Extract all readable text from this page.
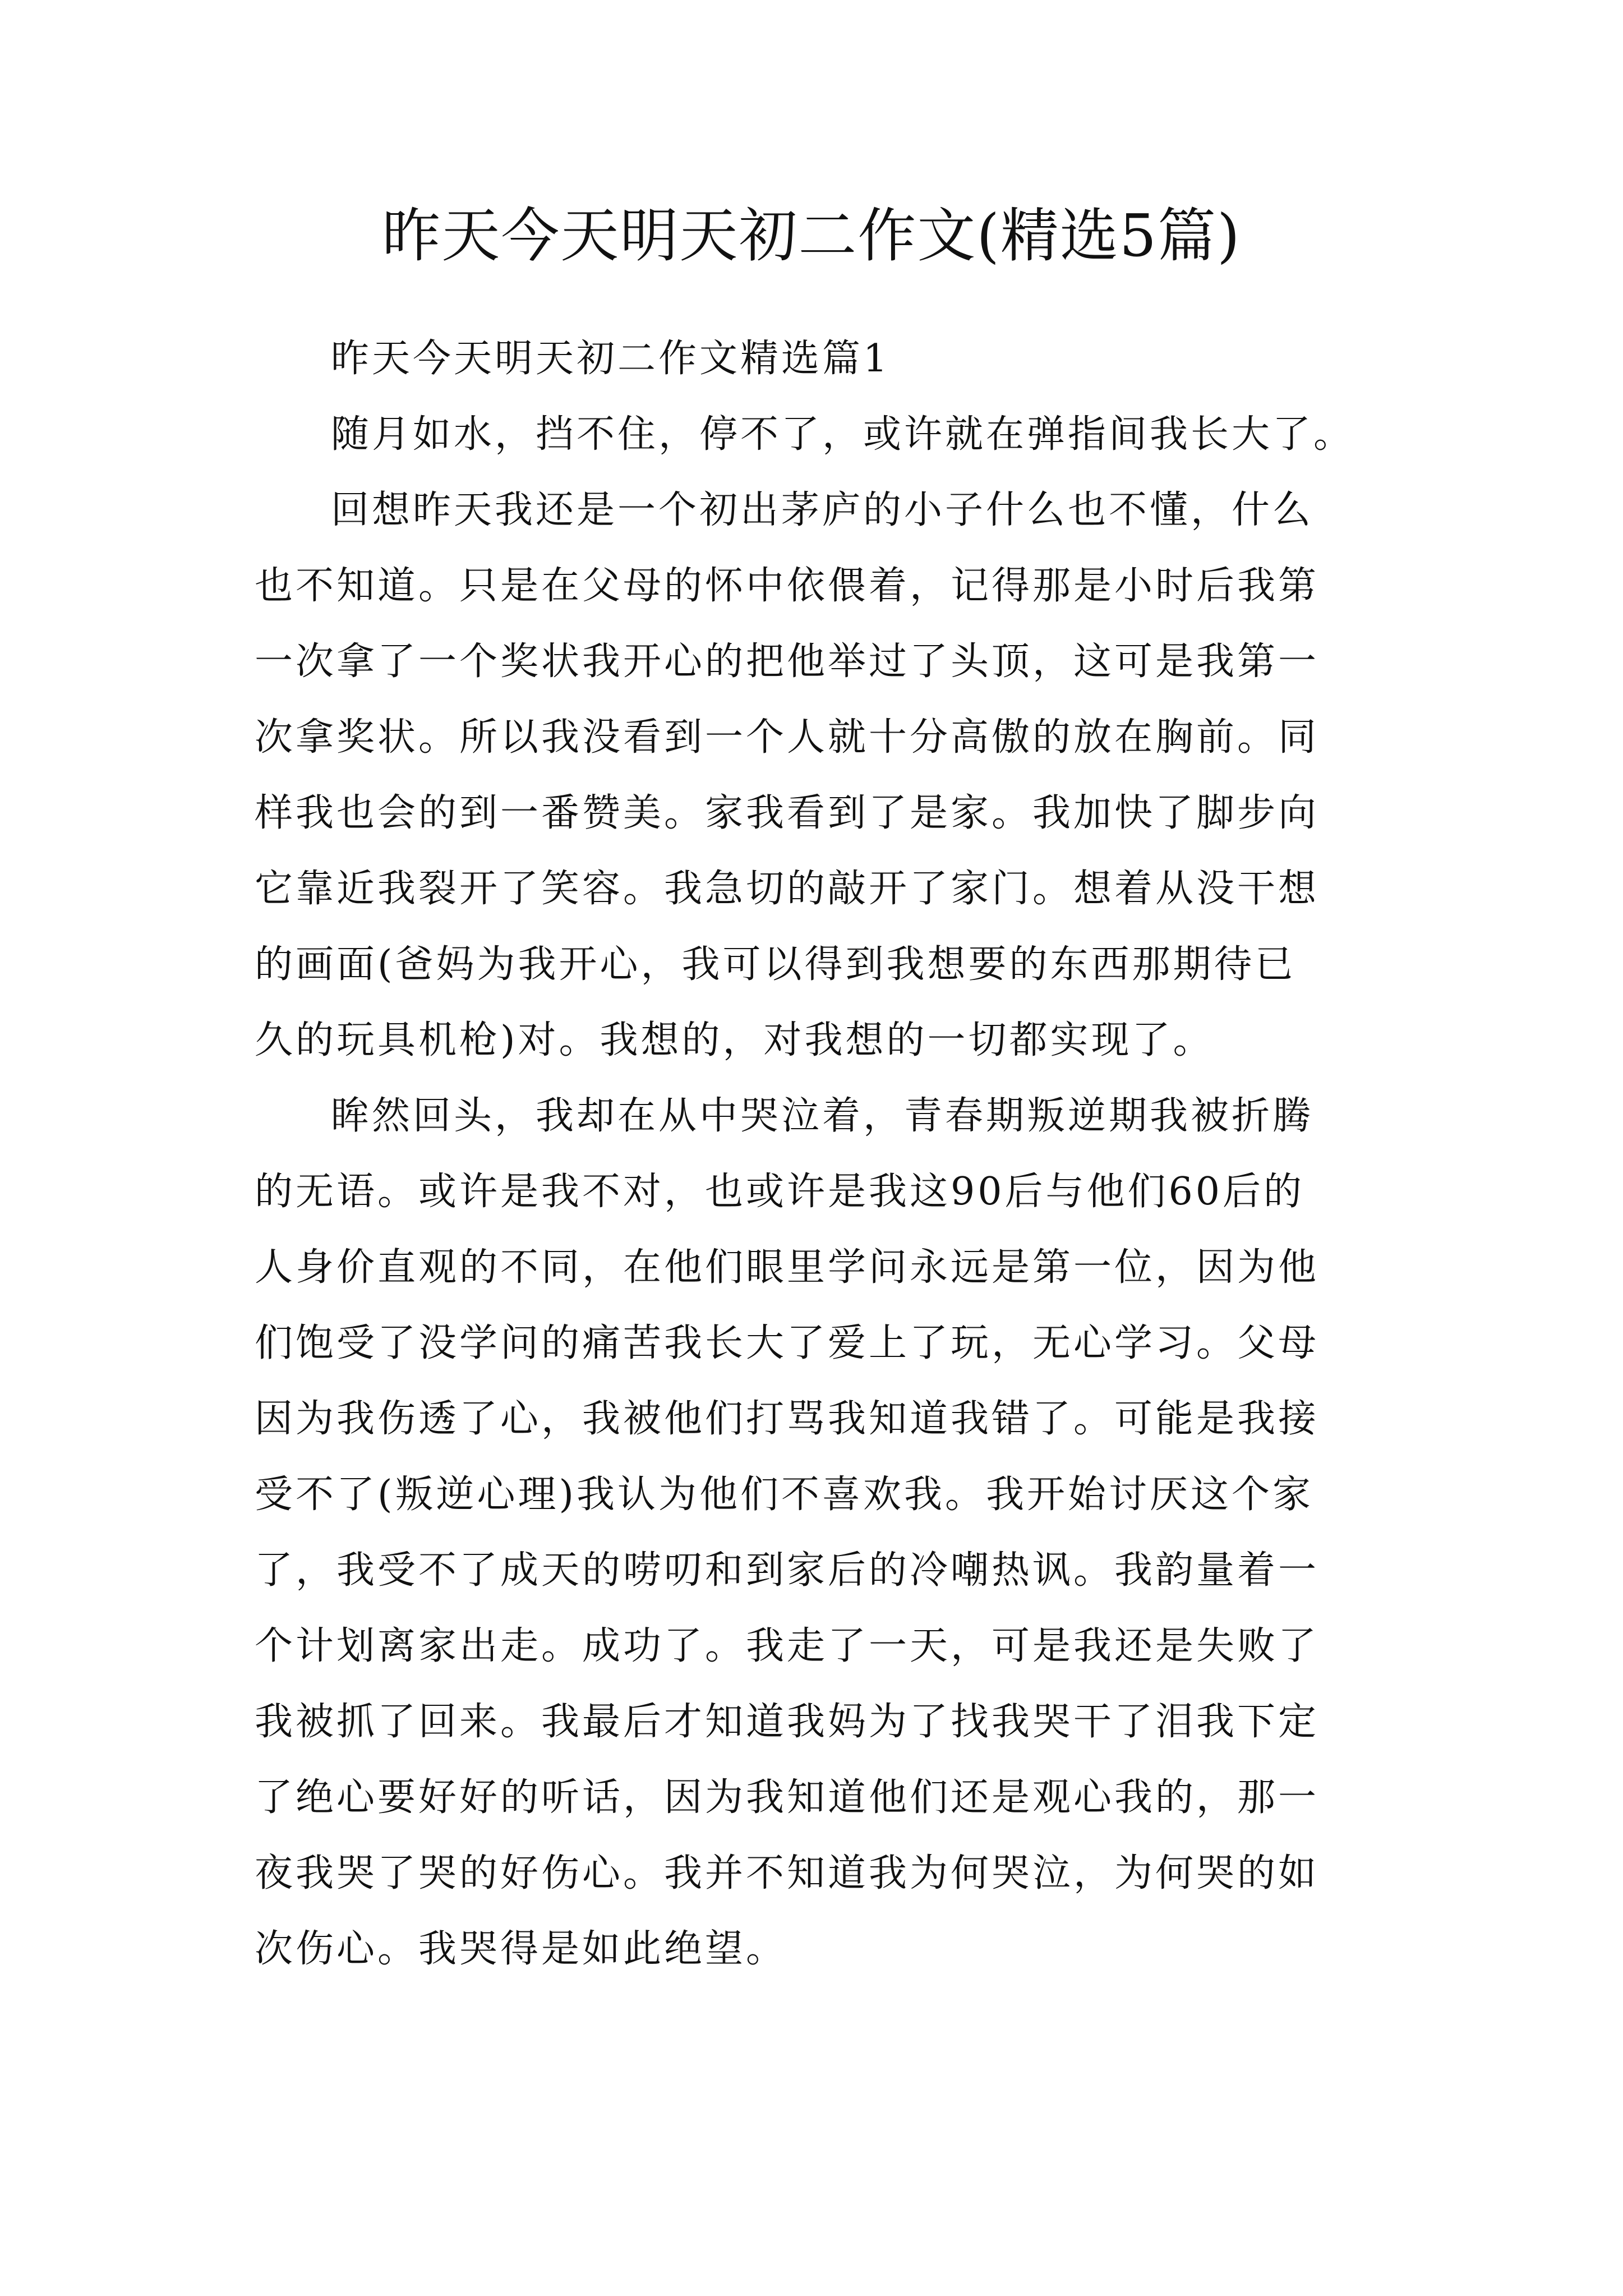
昨天今天明天初二作文(精选5篇)
昨天今天明天初二作文精选篇1
随月如水，挡不住，停不了，或许就在弹指间我长大了。
回想昨天我还是一个初出茅庐的小子什么也不懂，什么
也不知道。只是在父母的怀中依偎着，记得那是小时后我第
一次拿了一个奖状我开心的把他举过了头顶，这可是我第一
次拿奖状。所以我没看到一个人就十分高傲的放在胸前。同
样我也会的到一番赞美。家我看到了是家。我加快了脚步向
它靠近我裂开了笑容。我急切的敲开了家门。想着从没干想
的画面(爸妈为我开心，我可以得到我想要的东西那期待已
久的玩具机枪)对。我想的，对我想的一切都实现了。
眸然回头，我却在从中哭泣着，青春期叛逆期我被折腾
的无语。或许是我不对，也或许是我这90后与他们60后的
人身价直观的不同，在他们眼里学问永远是第一位，因为他
们饱受了没学问的痛苦我长大了爱上了玩，无心学习。父母
因为我伤透了心，我被他们打骂我知道我错了。可能是我接
受不了(叛逆心理)我认为他们不喜欢我。我开始讨厌这个家
了，我受不了成天的唠叨和到家后的冷嘲热讽。我韵量着一
个计划离家出走。成功了。我走了一天，可是我还是失败了
我被抓了回来。我最后才知道我妈为了找我哭干了泪我下定
了绝心要好好的听话，因为我知道他们还是观心我的，那一
夜我哭了哭的好伤心。我并不知道我为何哭泣，为何哭的如
次伤心。我哭得是如此绝望。
